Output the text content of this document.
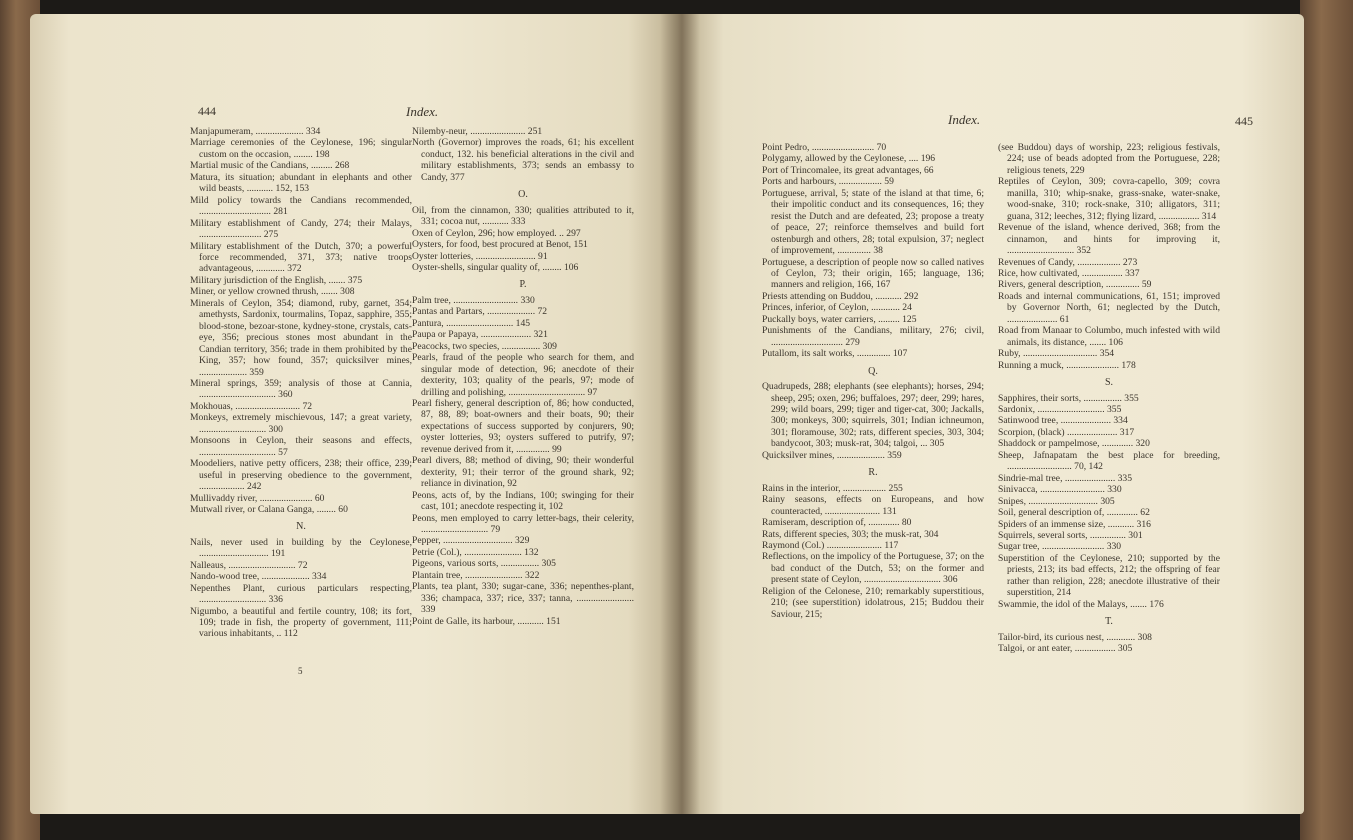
444	Index.

Manjapumeram, .................... 334

Marriage ceremonies of the Ceylonese, 196; singular custom on the occasion, ........ 198

Martial music of the Candians, ......... 268

Matura, its situation; abundant in elephants and other wild beasts, ........... 152, 153

Mild policy towards the Candians recommended, .............................. 281

Military establishment of Candy, 274; their Malays, .......................... 275

Military establishment of the Dutch, 370; a powerful force recommended, 371, 373; native troops advantageous, ............ 372

Military jurisdiction of the English, ....... 375

Miner, or yellow crowned thrush, ....... 308

Minerals of Ceylon, 354; diamond, ruby, garnet, 354; amethysts, Sardonix, tourmalins, Topaz, sapphire, 355; blood-stone, bezoar-stone, kydney-stone, crystals, cats-eye, 356; precious stones most abundant in the Candian territory, 356; trade in them prohibited by the King, 357; how found, 357; quicksilver mines, .................... 359

Mineral springs, 359; analysis of those at Cannia, ................................ 360

Mokhouas, ........................... 72

Monkeys, extremely mischievous, 147; a great variety, ............................ 300

Monsoons in Ceylon, their seasons and effects, ................................ 57

Moodeliers, native petty officers, 238; their office, 239; useful in preserving obedience to the government, ................... 242

Mullivaddy river, ...................... 60

Mutwall river, or Calana Ganga, ........ 60

N.

Nails, never used in building by the Ceylonese, ............................. 191

Nalleaus, ............................ 72

Nando-wood tree, .................... 334

Nepenthes Plant, curious particulars respecting, ............................ 336

Nigumbo, a beautiful and fertile country, 108; its fort, 109; trade in fish, the property of government, 111; various inhabitants, .. 112

Nilemby-neur, ....................... 251

North (Governor) improves the roads, 61; his excellent conduct, 132. his beneficial alterations in the civil and military establishments, 373; sends an embassy to Candy, 377

O.

Oil, from the cinnamon, 330; qualities attributed to it, 331; cocoa nut, ........... 333

Oxen of Ceylon, 296; how employed. .. 297

Oysters, for food, best procured at Benot, 151

Oyster lotteries, ......................... 91

Oyster-shells, singular quality of, ........ 106

P.

Palm tree, ........................... 330

Pantas and Partars, .................... 72

Pantura, ............................ 145

Paupa or Papaya, ..................... 321

Peacocks, two species, ................ 309

Pearls, fraud of the people who search for them, and singular mode of detection, 96; anecdote of their dexterity, 103; quality of the pearls, 97; mode of drilling and polishing, ................................ 97

Pearl fishery, general description of, 86; how conducted, 87, 88, 89; boat-owners and their boats, 90; their expectations of success supported by conjurers, 90; oyster lotteries, 93; oysters suffered to putrify, 97; revenue derived from it, .............. 99

Pearl divers, 88; method of diving, 90; their wonderful dexterity, 91; their terror of the ground shark, 92; reliance in divination, 92

Peons, acts of, by the Indians, 100; swinging for their cast, 101; anecdote respecting it, 102

Peons, men employed to carry letter-bags, their celerity, ............................ 79

Pepper, ............................. 329

Petrie (Col.), ........................ 132

Pigeons, various sorts, ................ 305

Plantain tree, ........................ 322

Plants, tea plant, 330; sugar-cane, 336; nepenthes-plant, 336; champaca, 337; rice, 337; tanna, ........................ 339

Point de Galle, its harbour, ........... 151

5
Index.	445

Point Pedro, .......................... 70

Polygamy, allowed by the Ceylonese, .... 196

Port of Trincomalee, its great advantages, 66

Ports and harbours, .................. 59

Portuguese, arrival, 5; state of the island at that time, 6; their impolitic conduct and its consequences, 16; they resist the Dutch and are defeated, 23; propose a treaty of peace, 27; reinforce themselves and build fort ostenburgh and others, 28; total expulsion, 37; neglect of improvement, .............. 38

Portuguese, a description of people now so called natives of Ceylon, 73; their origin, 165; language, 136; manners and religion, 166, 167

Priests attending on Buddou, ........... 292

Princes, inferior, of Ceylon, ............ 24

Puckally boys, water carriers, ......... 125

Punishments of the Candians, military, 276; civil, .............................. 279

Putallom, its salt works, .............. 107

Q.

Quadrupeds, 288; elephants (see elephants); horses, 294; sheep, 295; oxen, 296; buffaloes, 297; deer, 299; hares, 299; wild boars, 299; tiger and tiger-cat, 300; Jackalls, 300; monkeys, 300; squirrels, 301; Indian ichneumon, 301; floramouse, 302; rats, different species, 303, 304; bandycoot, 303; musk-rat, 304; talgoi, ... 305

Quicksilver mines, .................... 359

R.

Rains in the interior, .................. 255

Rainy seasons, effects on Europeans, and how counteracted, ....................... 131

Ramiseram, description of, ............. 80

Rats, different species, 303; the musk-rat, 304

Raymond (Col.) ....................... 117

Reflections, on the impolicy of the Portuguese, 37; on the bad conduct of the Dutch, 53; on the former and present state of Ceylon, ................................ 306

Religion of the Celonese, 210; remarkably superstitious, 210; (see superstition) idolatrous, 215; Buddou their Saviour, 215;

(see Buddou) days of worship, 223; religious festivals, 224; use of beads adopted from the Portuguese, 228; religious tenets, 229

Reptiles of Ceylon, 309; covra-capello, 309; covra manilla, 310; whip-snake, grass-snake, water-snake, wood-snake, 310; rock-snake, 310; alligators, 311; guana, 312; leeches, 312; flying lizard, ................. 314

Revenue of the island, whence derived, 368; from the cinnamon, and hints for improving it, ............................ 352

Revenues of Candy, .................. 273

Rice, how cultivated, ................. 337

Rivers, general description, .............. 59

Roads and internal communications, 61, 151; improved by Governor North, 61; neglected by the Dutch, ..................... 61

Road from Manaar to Columbo, much infested with wild animals, its distance, ....... 106

Ruby, ............................... 354

Running a muck, ...................... 178

S.

Sapphires, their sorts, ................ 355

Sardonix, ............................ 355

Satinwood tree, ..................... 334

Scorpion, (black) ..................... 317

Shaddock or pampelmose, ............. 320

Sheep, Jafnapatam the best place for breeding, ........................... 70, 142

Sindrie-mal tree, ..................... 335

Sinivacca, ........................... 330

Snipes, ............................. 305

Soil, general description of, ............. 62

Spiders of an immense size, ........... 316

Squirrels, several sorts, ............... 301

Sugar tree, .......................... 330

Superstition of the Ceylonese, 210; supported by the priests, 213; its bad effects, 212; the offspring of fear rather than religion, 228; anecdote illustrative of their superstition, 214

Swammie, the idol of the Malays, ....... 176

T.

Tailor-bird, its curious nest, ............ 308

Talgoi, or ant eater, ................. 305
